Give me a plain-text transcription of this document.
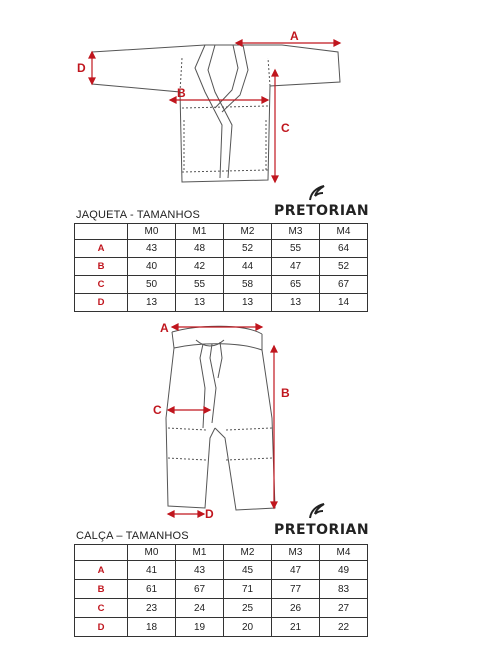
A
D
B
C
PRETORIAN
JAQUETA - TAMANHOS
	M0	M1	M2	M3	M4
A	43	48	52	55	64
B	40	42	44	47	52
C	50	55	58	65	67
D	13	13	13	13	14
A
B
C
D
PRETORIAN
CALÇA – TAMANHOS
	M0	M1	M2	M3	M4
A	41	43	45	47	49
B	61	67	71	77	83
C	23	24	25	26	27
D	18	19	20	21	22
